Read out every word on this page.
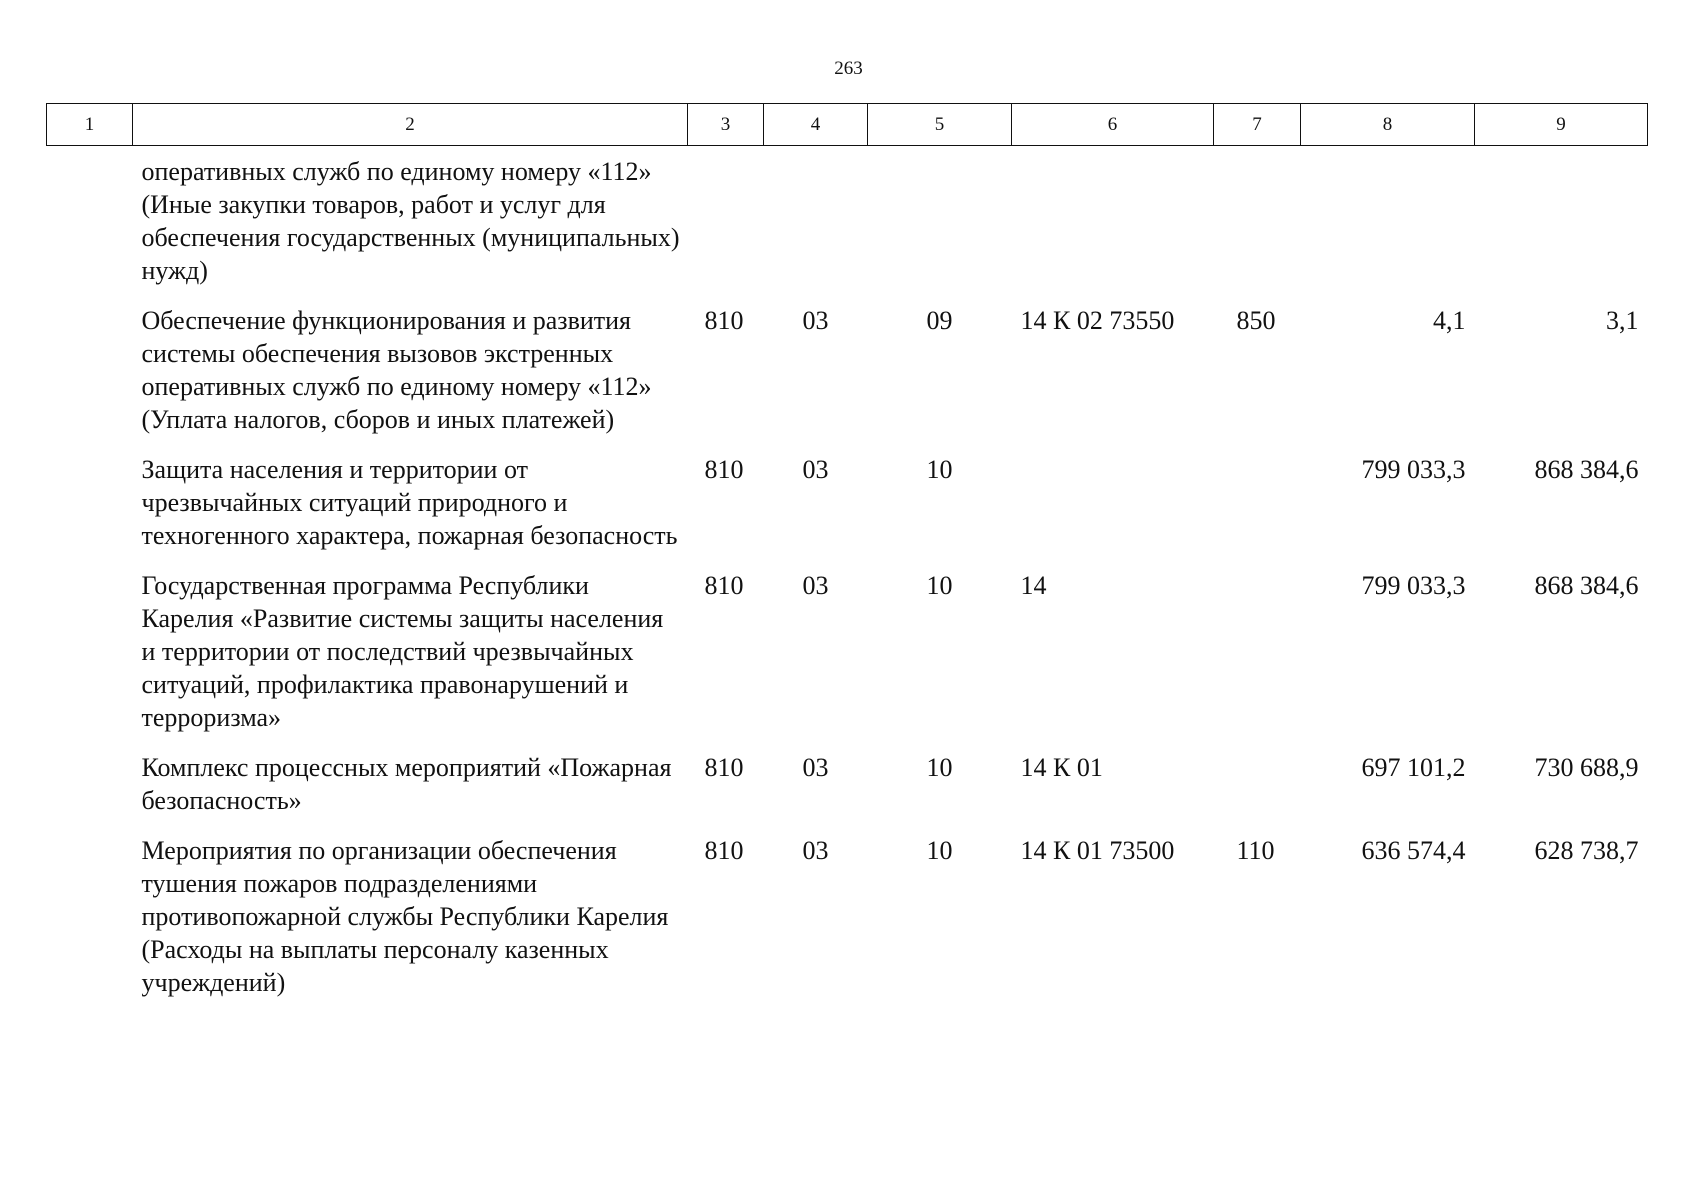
263
1	2	3	4	5	6	7	8	9
	оперативных служб по единому номеру «112» (Иные закупки товаров, работ и услуг для обеспечения государственных (муниципальных) нужд)							
	Обеспечение функционирования и развития системы обеспечения вызовов экстренных оперативных служб по единому номеру «112» (Уплата налогов, сборов и иных платежей)	810	03	09	14 К 02 73550	850	4,1	3,1
	Защита населения и территории от чрезвычайных ситуаций природного и техногенного характера, пожарная безопасность	810	03	10			799 033,3	868 384,6
	Государственная программа Республики Карелия «Развитие системы защиты населения и территории от последствий чрезвычайных ситуаций, профилактика правонарушений и терроризма»	810	03	10	14		799 033,3	868 384,6
	Комплекс процессных мероприятий «Пожарная безопасность»	810	03	10	14 К 01		697 101,2	730 688,9
	Мероприятия по организации обеспечения тушения пожаров подразделениями противопожарной службы Республики Карелия (Расходы на выплаты персоналу казенных учреждений)	810	03	10	14 К 01 73500	110	636 574,4	628 738,7
